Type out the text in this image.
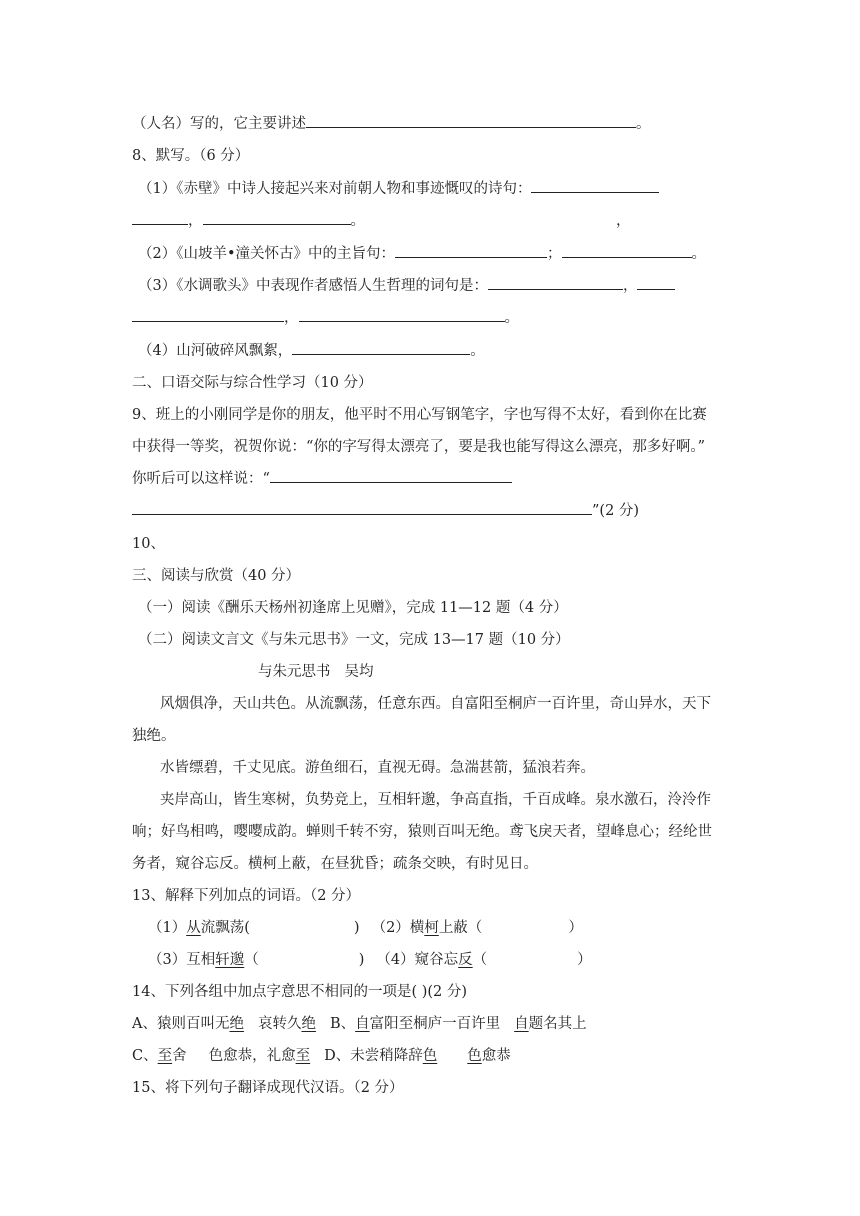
（人名）写的，它主要讲述	。
8、默写。（6 分）
（1）《赤壁》中诗人接起兴来对前朝人物和事迹慨叹的诗句：
，	。	，
（2）《山坡羊•潼关怀古》中的主旨句：	；	。
（3）《水调歌头》中表现作者感悟人生哲理的词句是：	，
，	。
（4）山河破碎风飘絮，	。
二、口语交际与综合性学习（10 分）
9、班上的小刚同学是你的朋友，他平时不用心写钢笔字，字也写得不太好，看到你在比赛
中获得一等奖，祝贺你说：“你的字写得太漂亮了，要是我也能写得这么漂亮，那多好啊。”
你听后可以这样说：“
”(2 分)
10、
三、阅读与欣赏（40 分）
（一）阅读《酬乐天杨州初逢席上见赠》，完成 11—12 题（4 分）
（二）阅读文言文《与朱元思书》一文，完成 13—17 题（10 分）
与朱元思书 吴均
风烟俱净，天山共色。从流飘荡，任意东西。自富阳至桐庐一百许里，奇山异水，天下
独绝。
水皆缥碧，千丈见底。游鱼细石，直视无碍。急湍甚箭，猛浪若奔。
夹岸高山，皆生寒树，负势竞上，互相轩邈，争高直指，千百成峰。泉水激石，泠泠作
响；好鸟相鸣，嘤嘤成韵。蝉则千转不穷，猿则百叫无绝。鸢飞戾天者，望峰息心；经纶世
务者，窥谷忘反。横柯上蔽，在昼犹昏；疏条交映，有时见日。
13、解释下列加点的词语。（2 分）
（1）从流飘荡(	) （2）横柯上蔽（	）
（3）互相轩邈（	) （4）窥谷忘反（	）
14、下列各组中加点字意思不相同的一项是( )(2 分)
A、猿则百叫无绝 哀转久绝 B、自富阳至桐庐一百许里 自题名其上
C、至舍 色愈恭，礼愈至 D、未尝稍降辞色 色愈恭
15、将下列句子翻译成现代汉语。（2 分）
